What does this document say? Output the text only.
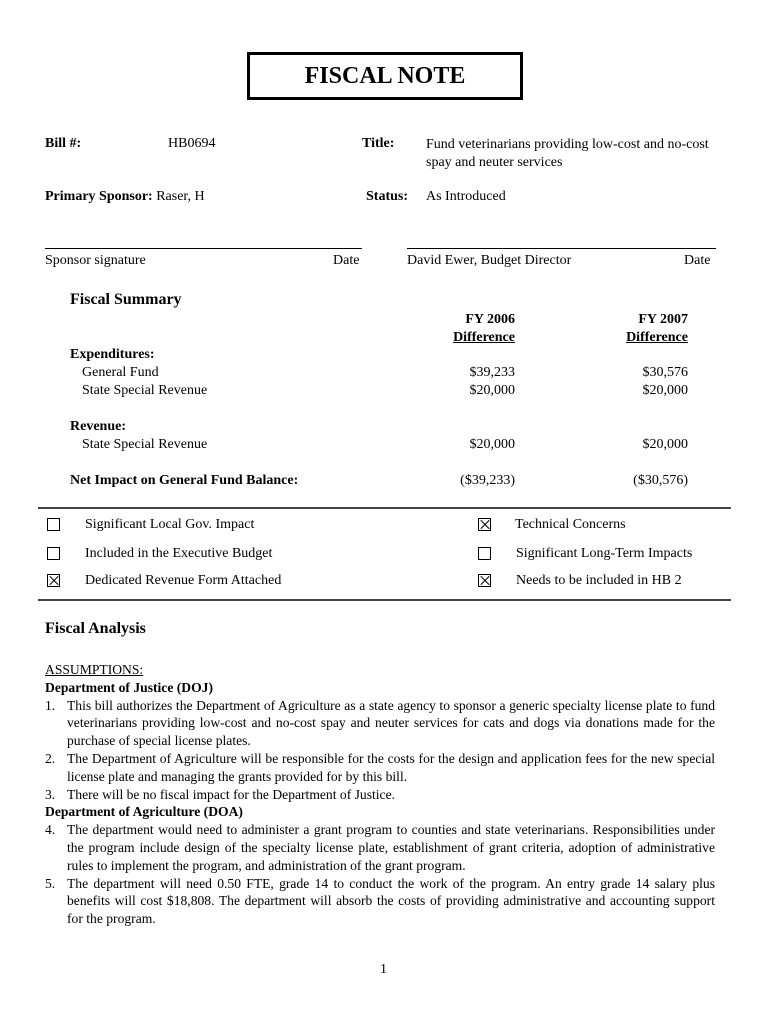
FISCAL NOTE
Bill #:	HB0694	Title: Fund veterinarians providing low-cost and no-cost spay and neuter services
Primary Sponsor: Raser, H	Status: As Introduced
Sponsor signature	Date	David Ewer, Budget Director	Date
Fiscal Summary
FY 2006
Difference
FY 2007
Difference
Expenditures:
General Fund	$39,233	$30,576
State Special Revenue	$20,000	$20,000
Revenue:
State Special Revenue	$20,000	$20,000
Net Impact on General Fund Balance:	($39,233)	($30,576)
Significant Local Gov. Impact	Technical Concerns
Included in the Executive Budget	Significant Long-Term Impacts
Dedicated Revenue Form Attached	Needs to be included in HB 2
Fiscal Analysis

ASSUMPTIONS:

Department of Justice (DOJ)

1. This bill authorizes the Department of Agriculture as a state agency to sponsor a generic specialty license plate to fund veterinarians providing low-cost and no-cost spay and neuter services for cats and dogs via donations made for the purchase of special license plates.
2. The Department of Agriculture will be responsible for the costs for the design and application fees for the new special license plate and managing the grants provided for by this bill.
3. There will be no fiscal impact for the Department of Justice.

Department of Agriculture (DOA)

4. The department would need to administer a grant program to counties and state veterinarians. Responsibilities under the program include design of the specialty license plate, establishment of grant criteria, adoption of administrative rules to implement the program, and administration of the grant program.
5. The department will need 0.50 FTE, grade 14 to conduct the work of the program. An entry grade 14 salary plus benefits will cost $18,808. The department will absorb the costs of providing administrative and accounting support for the program.
1
